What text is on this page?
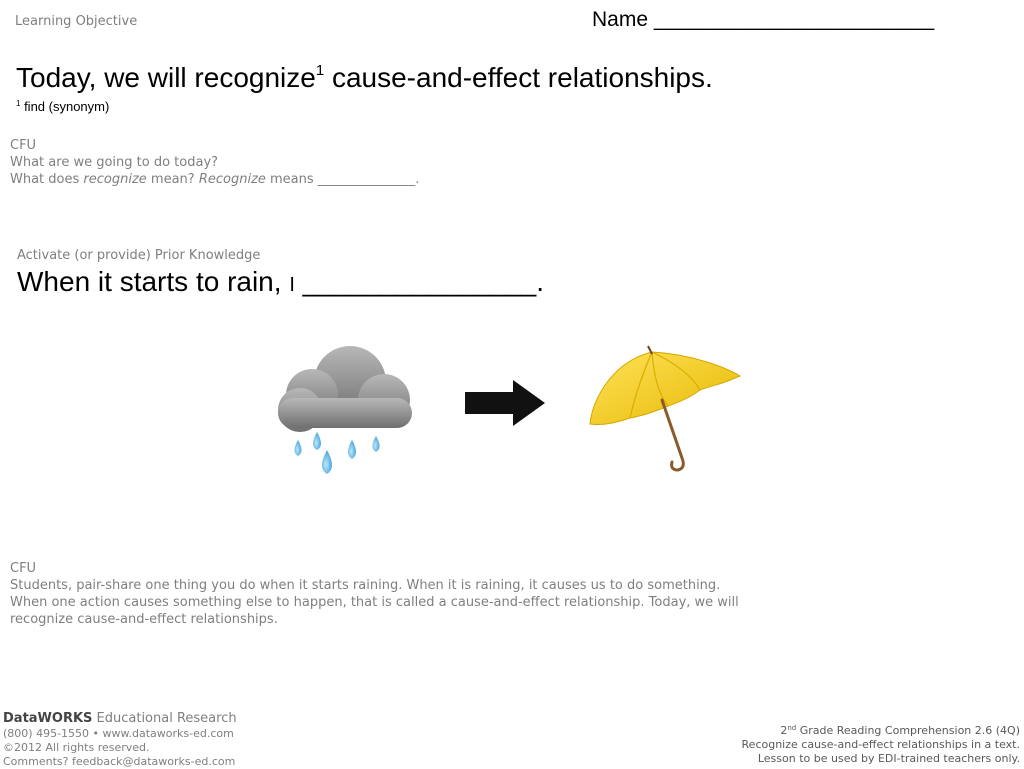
Learning Objective	Name ________________________
Today, we will recognize$^1$ cause-and-effect relationships.
$^1$ find (synonym)
CFU
What are we going to do today?
What does recognize mean? Recognize means _______________.
Activate (or provide) Prior Knowledge
When it starts to rain, I _______________.
CFU
Students, pair-share one thing you do when it starts raining. When it is raining, it causes us to do something. When one action causes something else to happen, that is called a cause-and-effect relationship. Today, we will recognize cause-and-effect relationships.
DataWORKS Educational Research
(800) 495-1550 • www.dataworks-ed.com
©2012 All rights reserved.
Comments? feedback@dataworks-ed.com
2nd Grade Reading Comprehension 2.6 (4Q)
Recognize cause-and-effect relationships in a text.
Lesson to be used by EDI-trained teachers only.
